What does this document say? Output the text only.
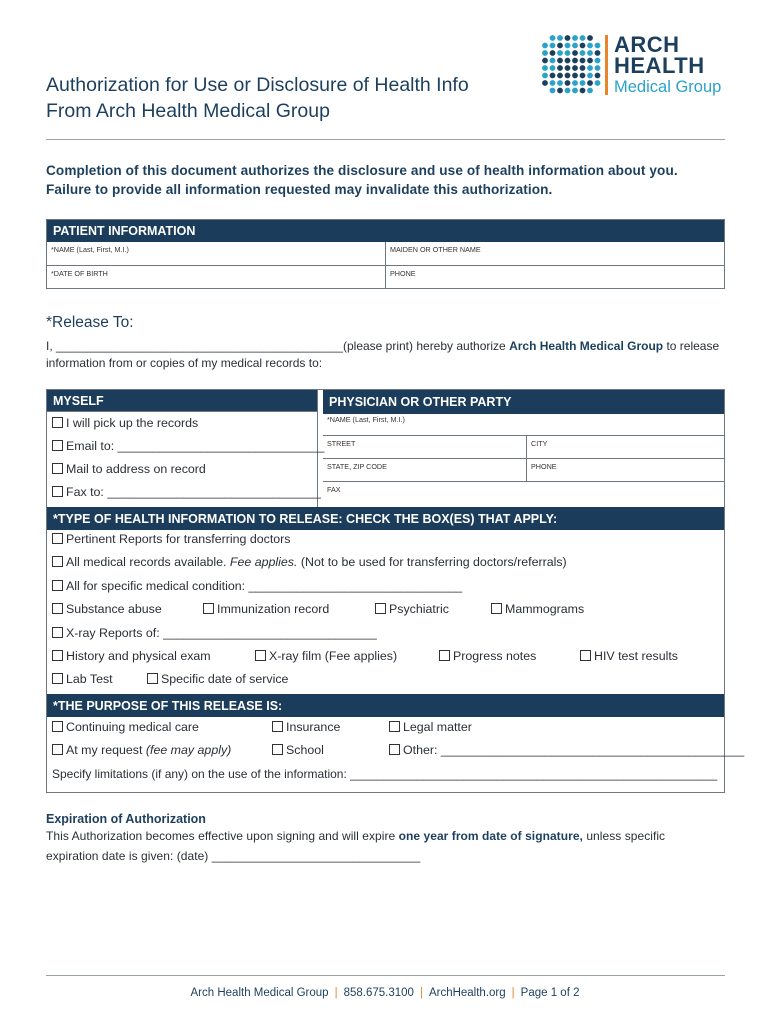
Authorization for Use or Disclosure of Health Info
From Arch Health Medical Group
ARCH
HEALTH
Medical Group
Completion of this document authorizes the disclosure and use of health information about you.
Failure to provide all information requested may invalidate this authorization.
PATIENT INFORMATION
*NAME (Last, First, M.I.)	MAIDEN OR OTHER NAME
*DATE OF BIRTH	PHONE
*Release To:
I, ___________________________________________(please print) hereby authorize Arch Health Medical Group to release
information from or copies of my medical records to:
MYSELF
I will pick up the records
Email to: ______________________________
Mail to address on record
Fax to: _______________________________
PHYSICIAN OR OTHER PARTY
*NAME (Last, First, M.I.)
STREET	CITY
STATE, ZIP CODE	PHONE
FAX
*TYPE OF HEALTH INFORMATION TO RELEASE: CHECK THE BOX(ES) THAT APPLY:
Pertinent Reports for transferring doctors
All medical records available. Fee applies. (Not to be used for transferring doctors/referrals)
All for specific medical condition: _______________________________
Substance abuse	Immunization record	Psychiatric	Mammograms
X-ray Reports of: _______________________________
History and physical exam	X-ray film (Fee applies)	Progress notes	HIV test results
Lab Test	Specific date of service
*THE PURPOSE OF THIS RELEASE IS:
Continuing medical care	Insurance	Legal matter
At my request (fee may apply)	School	Other: ____________________________________________
Specify limitations (if any) on the use of the information: _______________________________________________________
Expiration of Authorization
This Authorization becomes effective upon signing and will expire one year from date of signature, unless specific
expiration date is given: (date) _______________________________
Arch Health Medical Group | 858.675.3100 | ArchHealth.org | Page 1 of 2
